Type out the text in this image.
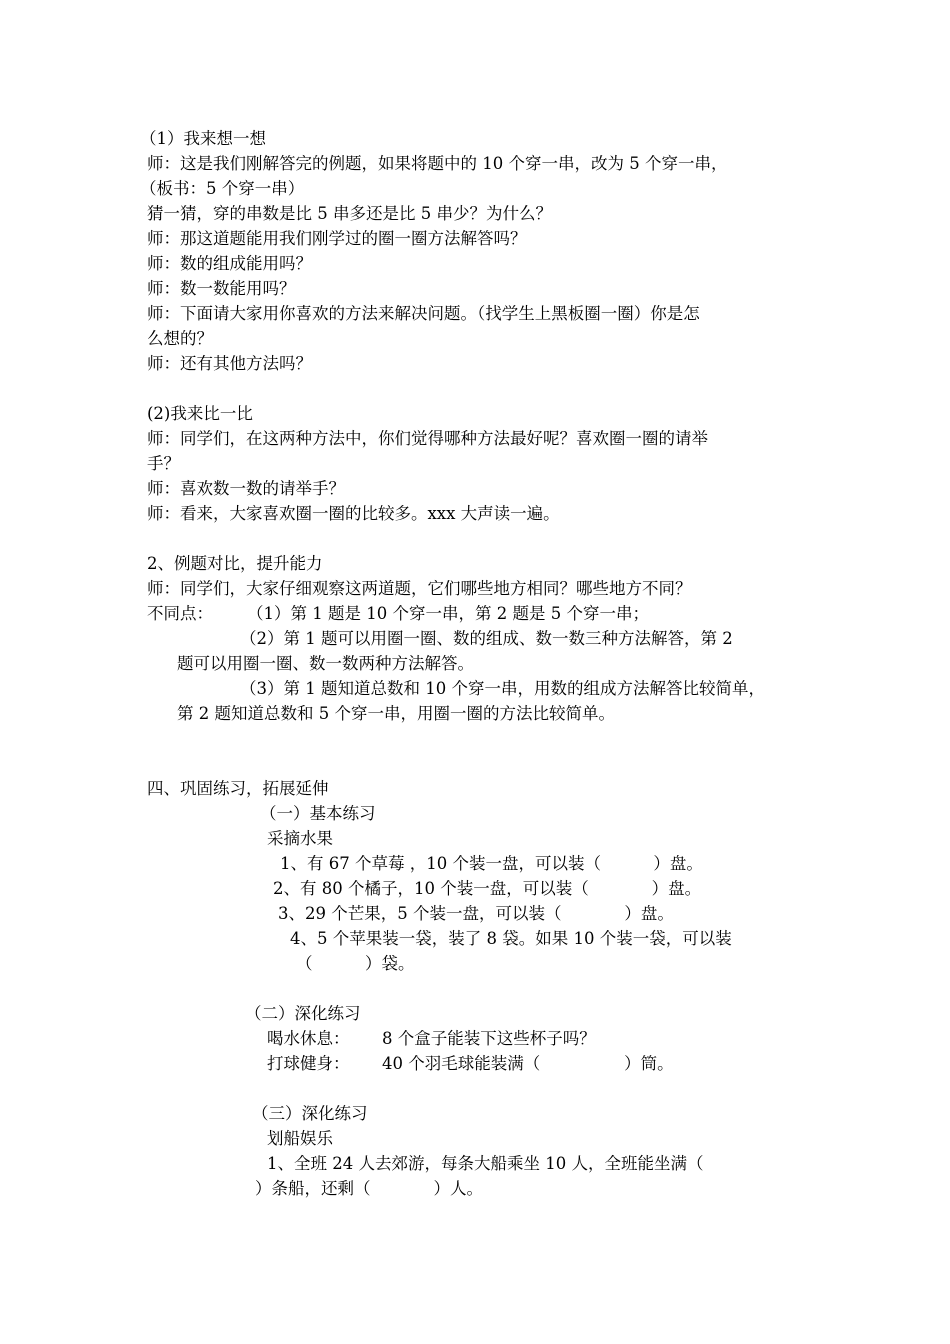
（1）我来想一想
师：这是我们刚解答完的例题，如果将题中的 10 个穿一串，改为 5 个穿一串，
（板书：5 个穿一串）
猜一猜，穿的串数是比 5 串多还是比 5 串少？为什么？
师：那这道题能用我们刚学过的圈一圈方法解答吗？
师：数的组成能用吗？
师：数一数能用吗？
师：下面请大家用你喜欢的方法来解决问题。（找学生上黑板圈一圈）你是怎
么想的？
师：还有其他方法吗？
(2)我来比一比
师：同学们，在这两种方法中，你们觉得哪种方法最好呢？喜欢圈一圈的请举
手？
师：喜欢数一数的请举手？
师：看来，大家喜欢圈一圈的比较多。xxx 大声读一遍。
2、例题对比，提升能力
师：同学们，大家仔细观察这两道题，它们哪些地方相同？哪些地方不同？
不同点： （1）第 1 题是 10 个穿一串，第 2 题是 5 个穿一串；
（2）第 1 题可以用圈一圈、数的组成、数一数三种方法解答，第 2
题可以用圈一圈、数一数两种方法解答。
（3）第 1 题知道总数和 10 个穿一串，用数的组成方法解答比较简单，
第 2 题知道总数和 5 个穿一串，用圈一圈的方法比较简单。
四、巩固练习，拓展延伸
（一）基本练习
采摘水果
1、有 67 个草莓 ，10 个装一盘，可以装（          ）盘。
2、有 80 个橘子，10 个装一盘，可以装（            ）盘。
3、29 个芒果，5 个装一盘，可以装（            ）盘。
4、5 个苹果装一袋，装了 8 袋。如果 10 个装一袋，可以装
（          ）袋。
（二）深化练习
喝水休息： 8 个盒子能装下这些杯子吗？
打球健身： 40 个羽毛球能装满（                ）筒。
（三）深化练习
划船娱乐
1、全班 24 人去郊游，每条大船乘坐 10 人，全班能坐满（
）条船，还剩（            ）人。
